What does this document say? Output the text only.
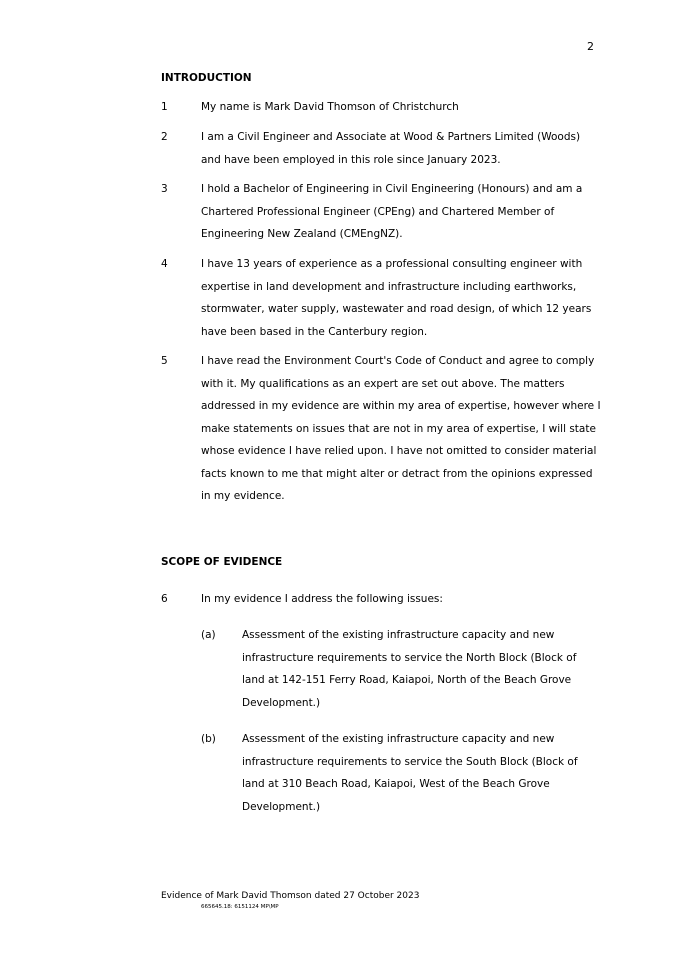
2
INTRODUCTION
1	My name is Mark David Thomson of Christchurch
2	I am a Civil Engineer and Associate at Wood & Partners Limited (Woods) and have been employed in this role since January 2023.
3	I hold a Bachelor of Engineering in Civil Engineering (Honours) and am a Chartered Professional Engineer (CPEng) and Chartered Member of Engineering New Zealand (CMEngNZ).
4	I have 13 years of experience as a professional consulting engineer with expertise in land development and infrastructure including earthworks, stormwater, water supply, wastewater and road design, of which 12 years have been based in the Canterbury region.
5	I have read the Environment Court's Code of Conduct and agree to comply with it. My qualifications as an expert are set out above. The matters addressed in my evidence are within my area of expertise, however where I make statements on issues that are not in my area of expertise, I will state whose evidence I have relied upon. I have not omitted to consider material facts known to me that might alter or detract from the opinions expressed in my evidence.
SCOPE OF EVIDENCE
6	In my evidence I address the following issues:
(a)	Assessment of the existing infrastructure capacity and new infrastructure requirements to service the North Block (Block of land at 142-151 Ferry Road, Kaiapoi, North of the Beach Grove Development.)
(b)	Assessment of the existing infrastructure capacity and new infrastructure requirements to service the South Block (Block of land at 310 Beach Road, Kaiapoi, West of the Beach Grove Development.)
Evidence of Mark David Thomson dated 27 October 2023
665645.18: 6151124 MP\MP
